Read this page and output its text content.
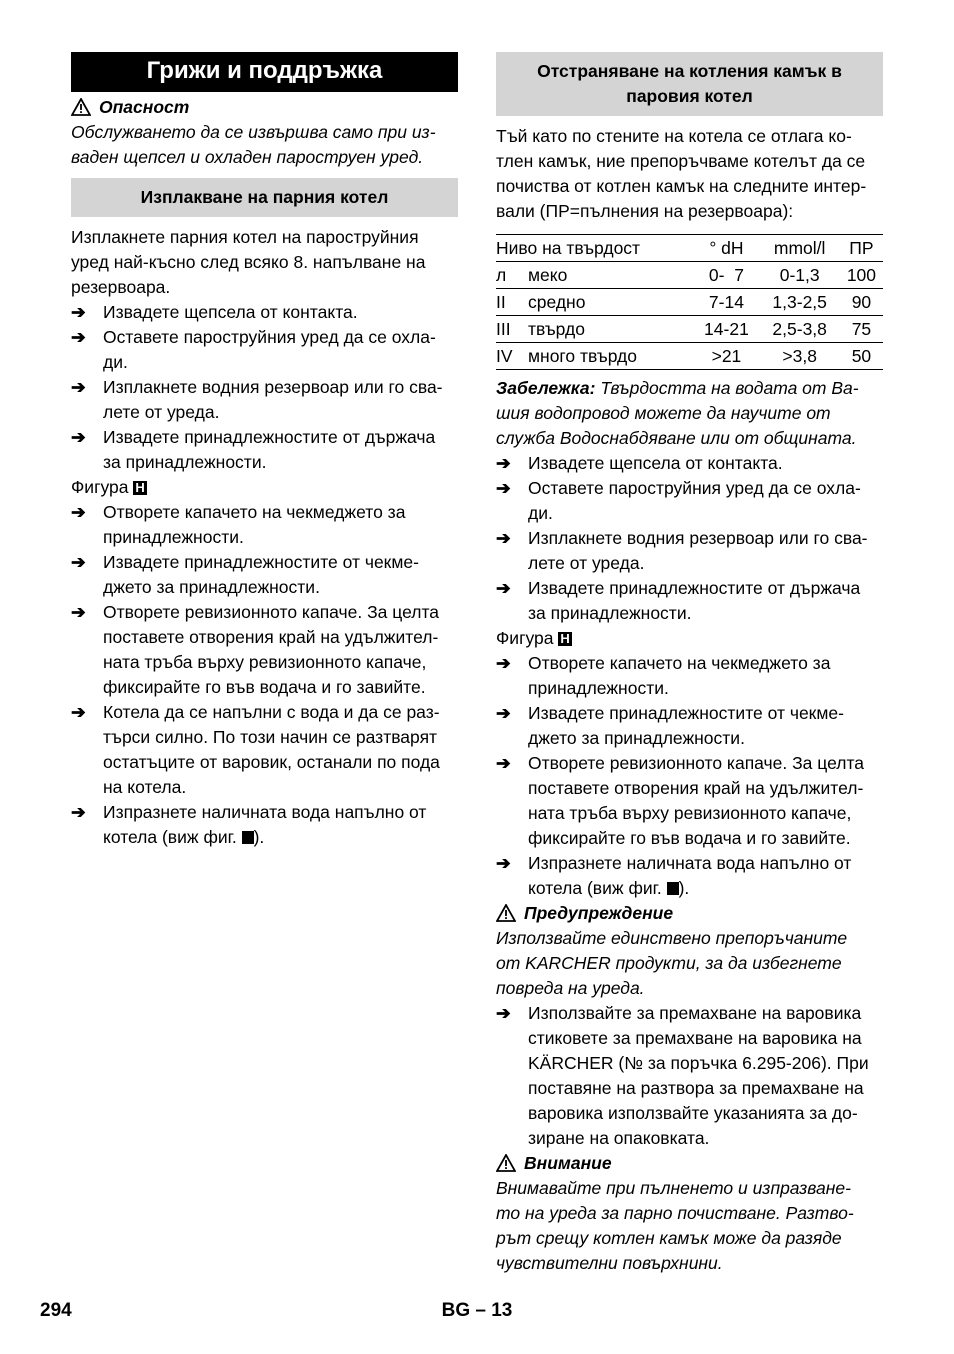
Грижи и поддръжка
Опасност
Обслужването да се извършва само при из-
ваден щепсел и охладен пароструен уред.
Изплакване на парния котел
Изплакнете парния котел на пароструйния
уред най-късно след всяко 8. напълване на
резервоара.
➔ Извадете щепсела от контакта.
➔ Оставете пароструйния уред да се охла-
ди.
➔ Изплакнете водния резервоар или го сва-
лете от уреда.
➔ Извадете принадлежностите от държача
за принадлежности.
Фигура H
➔ Отворете капачето на чекмеджето за
принадлежности.
➔ Извадете принадлежностите от чекме-
джето за принадлежности.
➔ Отворете ревизионното капаче. За целта
поставете отворения край на удължител-
ната тръба върху ревизионното капаче,
фиксирайте го във водача и го завийте.
➔ Котела да се напълни с вода и да се раз-
търси силно. По този начин се разтварят
остатъците от варовик, останали по пода
на котела.
➔ Изпразнете наличната вода напълно от
котела (виж фиг. ).
Отстраняване на котления камък в
паровия котел
Тъй като по стените на котела се отлага ко-
тлен камък, ние препоръчваме котелът да се
почиства от котлен камък на следните интер-
вали (ПР=пълнения на резервоара):
Ниво на твърдост		° dH	mmol/l	ПР
л	меко	0-  7	0-1,3	100
II	средно	7-14	1,3-2,5	90
III	твърдо	14-21	2,5-3,8	75
IV	много твърдо	>21	>3,8	50
Забележка: Твърдостта на водата от Ва-
шия водопровод можете да научите от
служба Водоснабдяване или от общината.
➔ Извадете щепсела от контакта.
➔ Оставете пароструйния уред да се охла-
ди.
➔ Изплакнете водния резервоар или го сва-
лете от уреда.
➔ Извадете принадлежностите от държача
за принадлежности.
Фигура H
➔ Отворете капачето на чекмеджето за
принадлежности.
➔ Извадете принадлежностите от чекме-
джето за принадлежности.
➔ Отворете ревизионното капаче. За целта
поставете отворения край на удължител-
ната тръба върху ревизионното капаче,
фиксирайте го във водача и го завийте.
➔ Изпразнете наличната вода напълно от
котела (виж фиг. ).
Предупреждение
Използвайте единствено препоръчаните
от KARCHER продукти, за да избегнете
повреда на уреда.
➔ Използвайте за премахване на варовика
стиковете за премахване на варовика на
KÄRCHER (№ за поръчка 6.295-206). При
поставяне на разтвора за премахване на
варовика използвайте указанията за до-
зиране на опаковката.
Внимание
Внимавайте при пълненето и изпразване-
то на уреда за парно почистване. Разтво-
рът срещу котлен камък може да разяде
чувствителни повърхнини.
BG – 13
294
